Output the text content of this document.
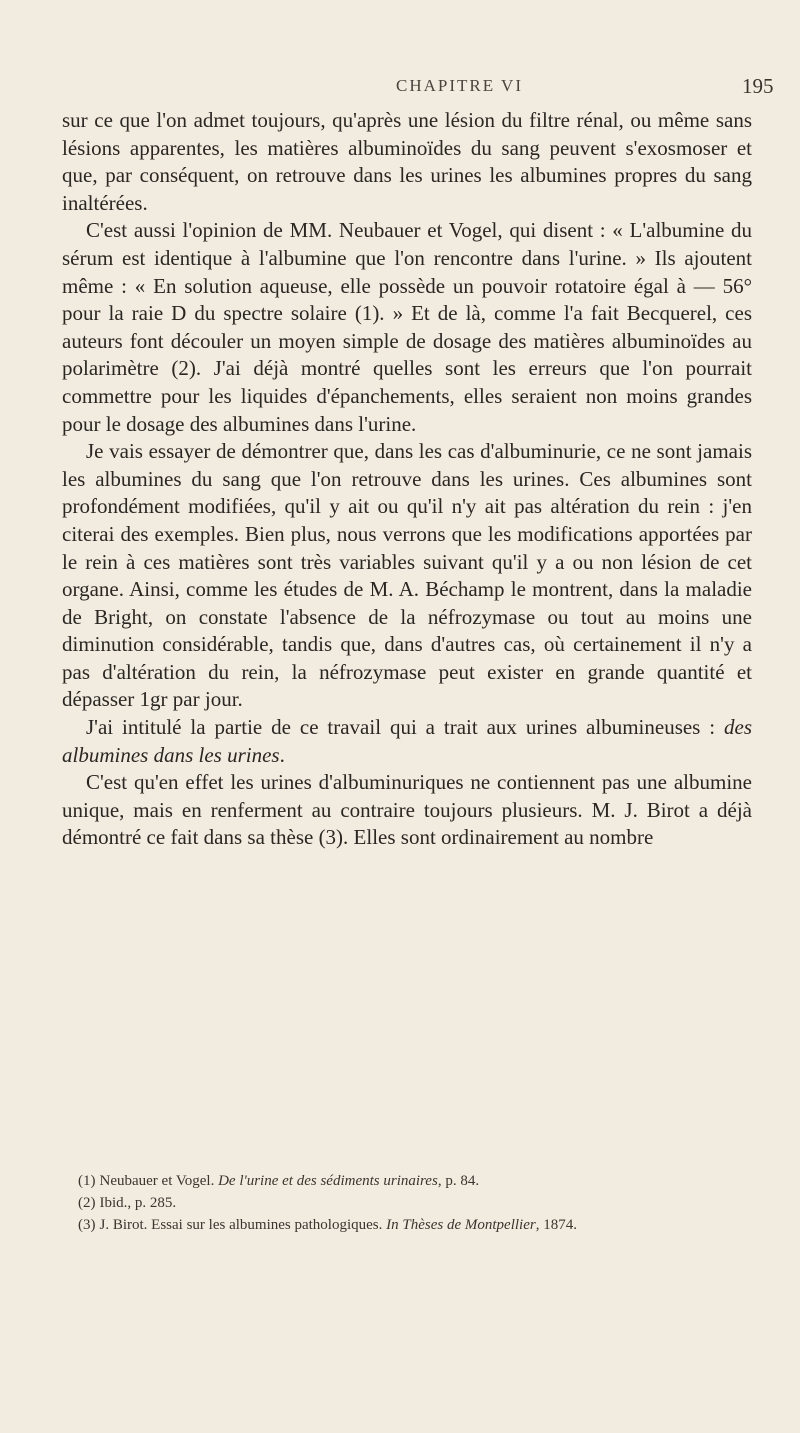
CHAPITRE VI	195

sur ce que l'on admet toujours, qu'après une lésion du filtre rénal, ou même sans lésions apparentes, les matières albuminoïdes du sang peuvent s'exosmoser et que, par conséquent, on retrouve dans les urines les albumines propres du sang inaltérées.

C'est aussi l'opinion de MM. Neubauer et Vogel, qui disent : « L'albumine du sérum est identique à l'albumine que l'on rencontre dans l'urine. » Ils ajoutent même : « En solution aqueuse, elle possède un pouvoir rotatoire égal à — 56° pour la raie D du spectre solaire (1). » Et de là, comme l'a fait Becquerel, ces auteurs font découler un moyen simple de dosage des matières albuminoïdes au polarimètre (2). J'ai déjà montré quelles sont les erreurs que l'on pourrait commettre pour les liquides d'épanchements, elles seraient non moins grandes pour le dosage des albumines dans l'urine.

Je vais essayer de démontrer que, dans les cas d'albuminurie, ce ne sont jamais les albumines du sang que l'on retrouve dans les urines. Ces albumines sont profondément modifiées, qu'il y ait ou qu'il n'y ait pas altération du rein : j'en citerai des exemples. Bien plus, nous verrons que les modifications apportées par le rein à ces matières sont très variables suivant qu'il y a ou non lésion de cet organe. Ainsi, comme les études de M. A. Béchamp le montrent, dans la maladie de Bright, on constate l'absence de la néfrozymase ou tout au moins une diminution considérable, tandis que, dans d'autres cas, où certainement il n'y a pas d'altération du rein, la néfrozymase peut exister en grande quantité et dépasser 1gr par jour.

J'ai intitulé la partie de ce travail qui a trait aux urines albumineuses : des albumines dans les urines.

C'est qu'en effet les urines d'albuminuriques ne contiennent pas une albumine unique, mais en renferment au contraire toujours plusieurs. M. J. Birot a déjà démontré ce fait dans sa thèse (3). Elles sont ordinairement au nombre

(1) Neubauer et Vogel. De l'urine et des sédiments urinaires, p. 84.

(2) Ibid., p. 285.

(3) J. Birot. Essai sur les albumines pathologiques. In Thèses de Montpellier, 1874.
